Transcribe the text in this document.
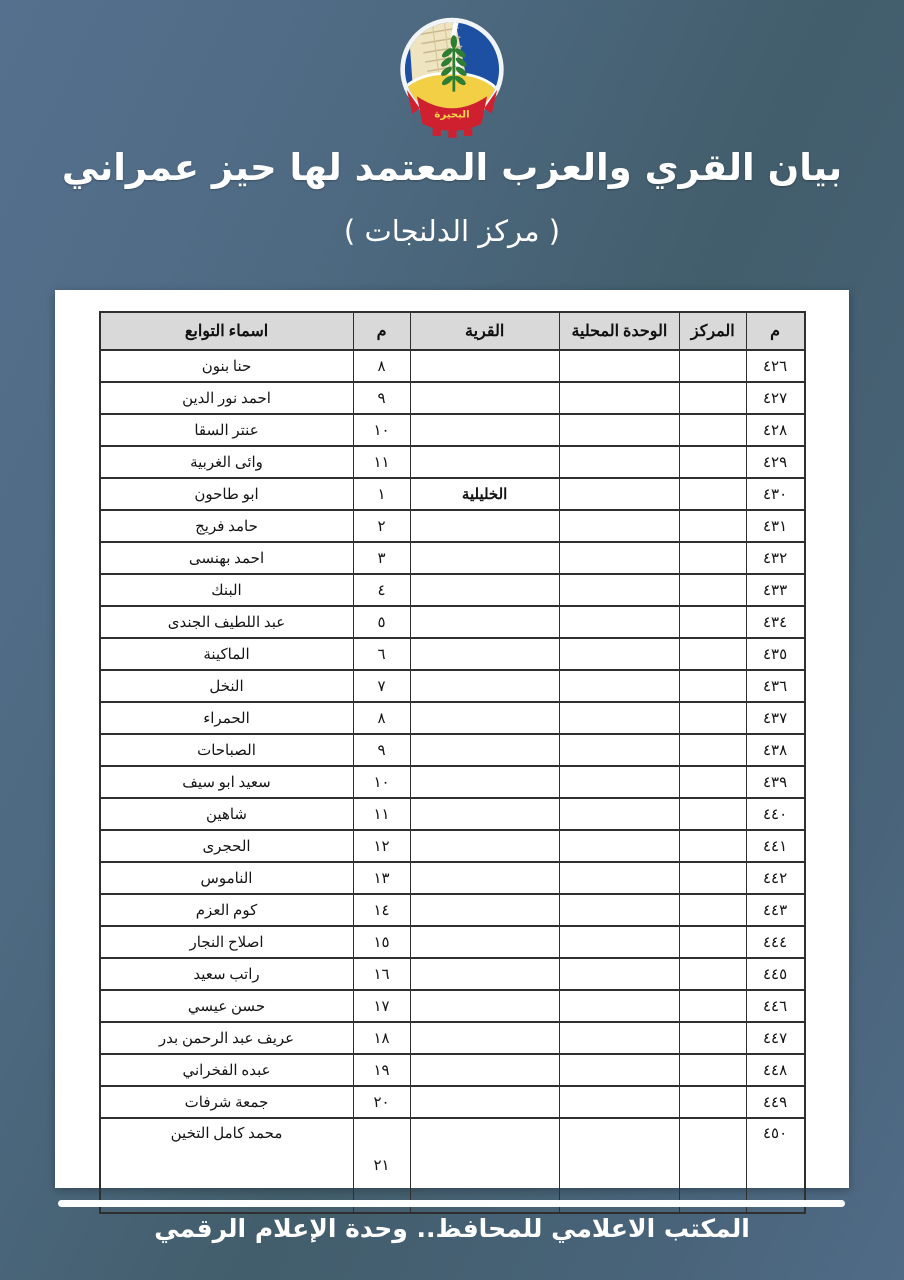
البحيرة
بيان القري والعزب المعتمد لها حيز عمراني
( مركز الدلنجات )
م	المركز	الوحدة المحلية	القرية	م	اسماء التوابع
٤٢٦				٨	حنا بنون
٤٢٧				٩	احمد نور الدين
٤٢٨				١٠	عنتر السقا
٤٢٩				١١	وائى الغربية
٤٣٠			الخليلية	١	ابو طاحون
٤٣١				٢	حامد فريج
٤٣٢				٣	احمد بهنسى
٤٣٣				٤	البنك
٤٣٤				٥	عبد اللطيف الجندى
٤٣٥				٦	الماكينة
٤٣٦				٧	النخل
٤٣٧				٨	الحمراء
٤٣٨				٩	الصباحات
٤٣٩				١٠	سعيد ابو سيف
٤٤٠				١١	شاهين
٤٤١				١٢	الحجرى
٤٤٢				١٣	الناموس
٤٤٣				١٤	كوم العزم
٤٤٤				١٥	اصلاح النجار
٤٤٥				١٦	راتب سعيد
٤٤٦				١٧	حسن عيسي
٤٤٧				١٨	عريف عبد الرحمن بدر
٤٤٨				١٩	عبده الفخراني
٤٤٩				٢٠	جمعة شرفات
٤٥٠				٢١	محمد كامل التخين
المكتب الاعلامي للمحافظ.. وحدة الإعلام الرقمي
